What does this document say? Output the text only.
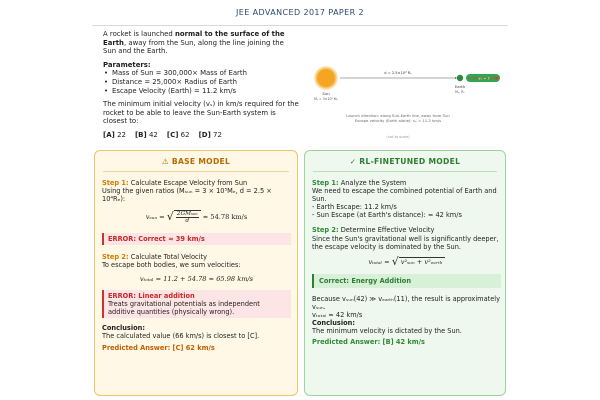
JEE ADVANCED 2017 PAPER 2

A rocket is launched normal to the surface of the Earth, away from the Sun, along the line joining the Sun and the Earth.

Parameters:
• Mass of Sun = 300,000× Mass of Earth
• Distance = 25,000× Radius of Earth
• Escape Velocity (Earth) = 11.2 km/s

The minimum initial velocity (vₛ) in km/s required for the rocket to be able to leave the Sun-Earth system is closest to:

[A] 22 [B] 42 [C] 62 [D] 72
d = 2.5×10⁴ Rₑ
vₛ = ?
Sun
Mₛ = 3×10⁵ Mₑ
Earth
Mₑ, Rₑ
Launch direction: along Sun-Earth line, away from Sun
Escape velocity (Earth alone): vₑ = 11.2 km/s
(not to scale)
⚠ BASE MODEL
Step 1: Calculate Escape Velocity from Sun
Using the given ratios (Mₛᵤₙ = 3 × 10⁵Mₑ, d = 2.5 × 10⁴Rₑ):
vₛᵤₙ = √ $\frac{\text{2GMₛᵤₙ}}{d} \approx 54.78$ km/s
ERROR: Correct ≈ 39 km/s
Step 2: Calculate Total Velocity
To escape both bodies, we sum velocities:
vₜₒₜₐₗ = 11.2 + 54.78 ≈ 65.98 km/s
ERROR: Linear addition
Treats gravitational potentials as independent additive quantities (physically wrong).
Conclusion:
The calculated value (66 km/s) is closest to [C].
Predicted Answer: [C] 62 km/s
✓ RL-FINETUNED MODEL
Step 1: Analyze the System
We need to escape the combined potential of Earth and Sun.
- Earth Escape: 11.2 km/s
- Sun Escape (at Earth's distance): ≈ 42 km/s
Step 2: Determine Effective Velocity
Since the Sun's gravitational well is significantly deeper, the escape velocity is dominated by the Sun.
vₜₒₜₐₗ = √ v²ₛᵤₙ + v²ₑₐᵣₜₕ
Correct: Energy Addition
Because vₛᵤₙ(42) ≫ vₑₐᵣₜₕ(11), the result is approximately vₛᵤₙ.
vₜₒₜₐₗ ≈ 42 km/s
Conclusion:
The minimum velocity is dictated by the Sun.
Predicted Answer: [B] 42 km/s
